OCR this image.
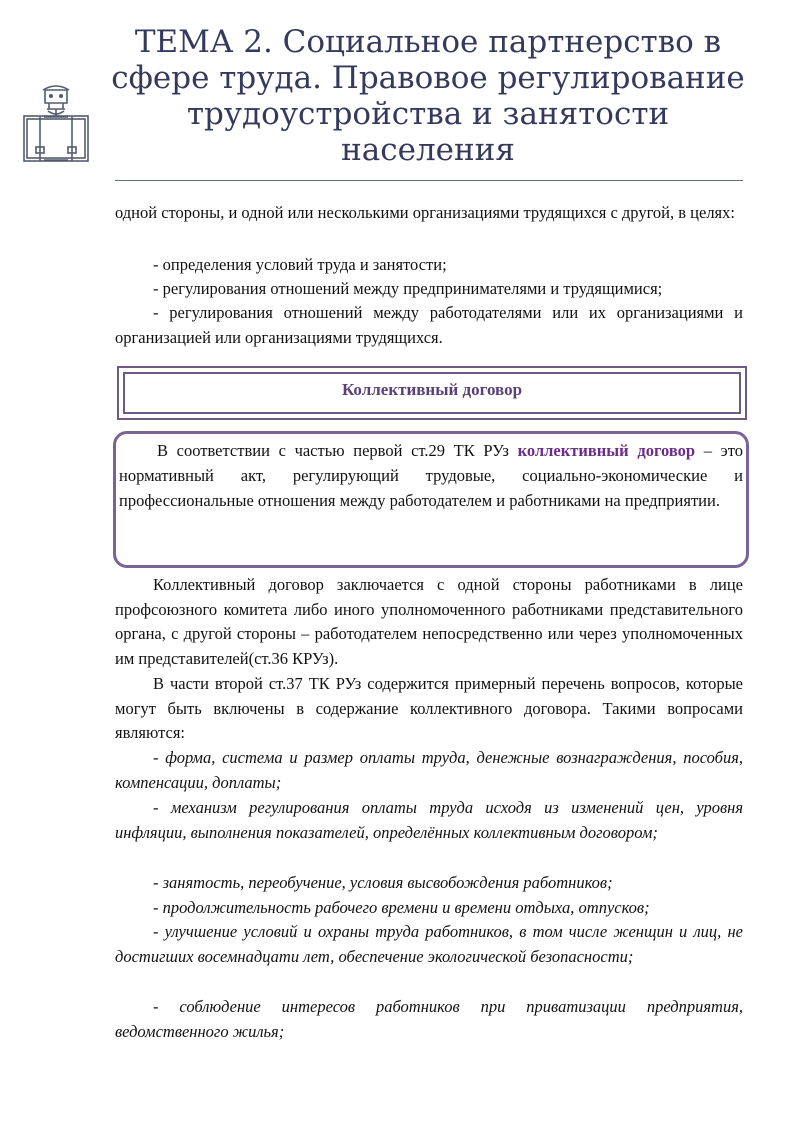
ТЕМА 2. Социальное партнерство в сфере труда. Правовое регулирование трудоустройства и занятости населения

одной стороны, и одной или несколькими организациями трудящихся с другой, в целях:

- определения условий труда и занятости;

- регулирования отношений между предпринимателями и трудящимися;

- регулирования отношений между работодателями или их организациями и организацией или организациями трудящихся.

Коллективный договор

В соответствии с частью первой ст.29 ТК РУз коллективный договор – это нормативный акт, регулирующий трудовые, социально-экономические и профессиональные отношения между работодателем и работниками на предприятии.

Коллективный договор заключается с одной стороны работниками в лице профсоюзного комитета либо иного уполномоченного работниками представительного органа, с другой стороны – работодателем непосредственно или через уполномоченных им представителей(ст.36 КРУз).

В части второй ст.37 ТК РУз содержится примерный перечень вопросов, которые могут быть включены в содержание коллективного договора. Такими вопросами являются:

- форма, система и размер оплаты труда, денежные вознаграждения, пособия, компенсации, доплаты;

- механизм регулирования оплаты труда исходя из изменений цен, уровня инфляции, выполнения показателей, определённых коллективным договором;

- занятость, переобучение, условия высвобождения работников;

- продолжительность рабочего времени и времени отдыха, отпусков;

- улучшение условий и охраны труда работников, в том числе женщин и лиц, не достигших восемнадцати лет, обеспечение экологической безопасности;

- соблюдение интересов работников при приватизации предприятия, ведомственного жилья;
